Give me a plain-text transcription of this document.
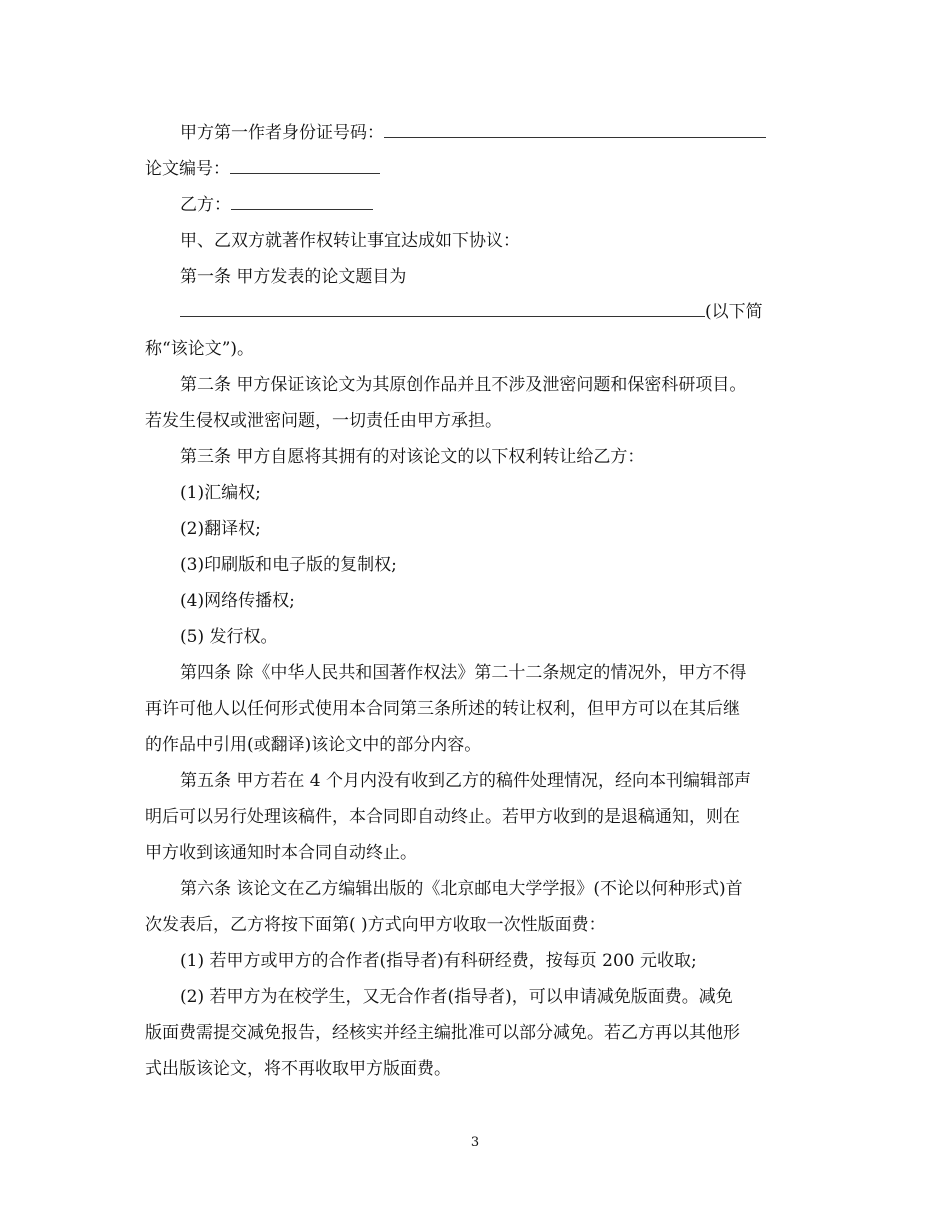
甲方第一作者身份证号码：
论文编号：
乙方：
甲、乙双方就著作权转让事宜达成如下协议：
第一条 甲方发表的论文题目为
(以下简
称“该论文”)。
第二条 甲方保证该论文为其原创作品并且不涉及泄密问题和保密科研项目。
若发生侵权或泄密问题，一切责任由甲方承担。
第三条 甲方自愿将其拥有的对该论文的以下权利转让给乙方：
(1)汇编权;
(2)翻译权;
(3)印刷版和电子版的复制权;
(4)网络传播权;
(5) 发行权。
第四条 除《中华人民共和国著作权法》第二十二条规定的情况外，甲方不得
再许可他人以任何形式使用本合同第三条所述的转让权利，但甲方可以在其后继
的作品中引用(或翻译)该论文中的部分内容。
第五条 甲方若在 4 个月内没有收到乙方的稿件处理情况，经向本刊编辑部声
明后可以另行处理该稿件，本合同即自动终止。若甲方收到的是退稿通知，则在
甲方收到该通知时本合同自动终止。
第六条 该论文在乙方编辑出版的《北京邮电大学学报》(不论以何种形式)首
次发表后，乙方将按下面第( )方式向甲方收取一次性版面费：
(1) 若甲方或甲方的合作者(指导者)有科研经费，按每页 200 元收取;
(2) 若甲方为在校学生，又无合作者(指导者)，可以申请减免版面费。减免
版面费需提交减免报告，经核实并经主编批准可以部分减免。若乙方再以其他形
式出版该论文，将不再收取甲方版面费。
3
